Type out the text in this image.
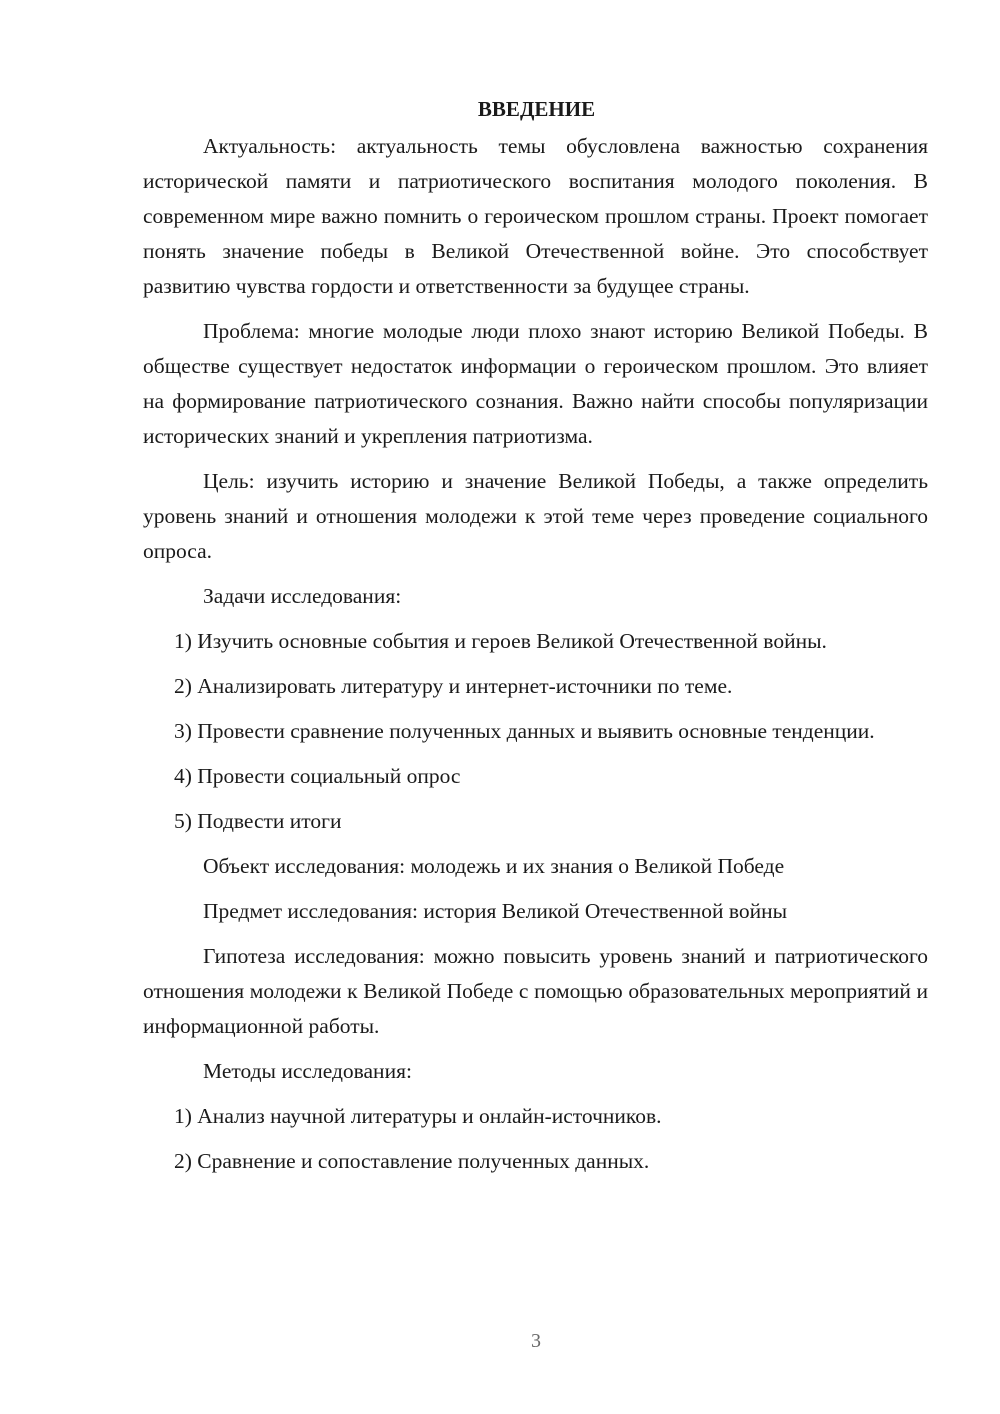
ВВЕДЕНИЕ

Актуальность: актуальность темы обусловлена важностью сохранения исторической памяти и патриотического воспитания молодого поколения. В современном мире важно помнить о героическом прошлом страны. Проект помогает понять значение победы в Великой Отечественной войне. Это способствует развитию чувства гордости и ответственности за будущее страны.

Проблема: многие молодые люди плохо знают историю Великой Победы. В обществе существует недостаток информации о героическом прошлом. Это влияет на формирование патриотического сознания. Важно найти способы популяризации исторических знаний и укрепления патриотизма.

Цель: изучить историю и значение Великой Победы, а также определить уровень знаний и отношения молодежи к этой теме через проведение социального опроса.

Задачи исследования:

1) Изучить основные события и героев Великой Отечественной войны.

2) Анализировать литературу и интернет-источники по теме.

3) Провести сравнение полученных данных и выявить основные тенденции.

4) Провести социальный опрос

5) Подвести итоги

Объект исследования: молодежь и их знания о Великой Победе

Предмет исследования: история Великой Отечественной войны

Гипотеза исследования: можно повысить уровень знаний и патриотического отношения молодежи к Великой Победе с помощью образовательных мероприятий и информационной работы.

Методы исследования:

1) Анализ научной литературы и онлайн-источников.

2) Сравнение и сопоставление полученных данных.

3
